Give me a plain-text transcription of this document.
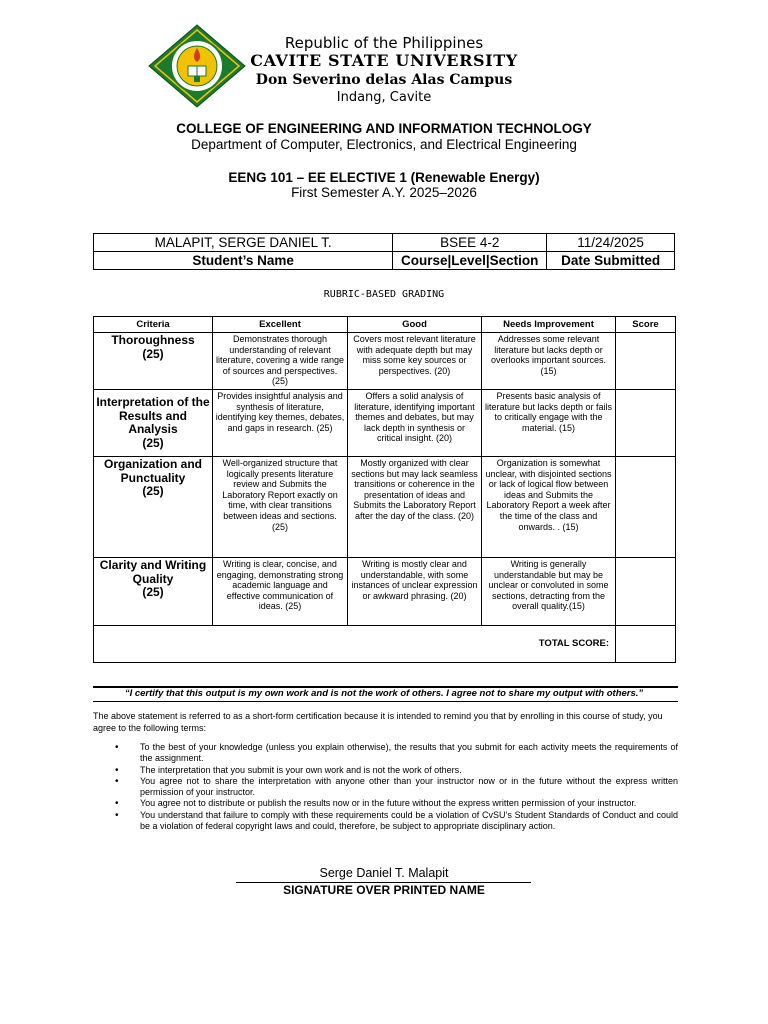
Republic of the Philippines
CAVITE STATE UNIVERSITY
Don Severino delas Alas Campus
Indang, Cavite
COLLEGE OF ENGINEERING AND INFORMATION TECHNOLOGY
Department of Computer, Electronics, and Electrical Engineering
EENG 101 – EE ELECTIVE 1 (Renewable Energy)
First Semester A.Y. 2025–2026
MALAPIT, SERGE DANIEL T.	BSEE 4-2	11/24/2025
Student’s Name	Course|Level|Section	Date Submitted
RUBRIC-BASED GRADING
Criteria	Excellent	Good	Needs Improvement	Score

Thoroughness
(25)	Demonstrates thorough understanding of relevant literature, covering a wide range of sources and perspectives. (25)	Covers most relevant literature with adequate depth but may miss some key sources or perspectives. (20)	Addresses some relevant literature but lacks depth or overlooks important sources. (15)	

Interpretation of the Results and Analysis
(25)	Provides insightful analysis and synthesis of literature, identifying key themes, debates, and gaps in research. (25)	Offers a solid analysis of literature, identifying important themes and debates, but may lack depth in synthesis or critical insight. (20)	Presents basic analysis of literature but lacks depth or fails to critically engage with the material. (15)	

Organization and Punctuality
(25)	Well-organized structure that logically presents literature review and Submits the Laboratory Report exactly on time, with clear transitions between ideas and sections. (25)	Mostly organized with clear sections but may lack seamless transitions or coherence in the presentation of ideas and Submits the Laboratory Report after the day of the class. (20)	Organization is somewhat unclear, with disjointed sections or lack of logical flow between ideas and Submits the Laboratory Report a week after the time of the class and onwards. . (15)	

Clarity and Writing Quality
(25)	Writing is clear, concise, and engaging, demonstrating strong academic language and effective communication of ideas. (25)	Writing is mostly clear and understandable, with some instances of unclear expression or awkward phrasing. (20)	Writing is generally understandable but may be unclear or convoluted in some sections, detracting from the overall quality.(15)	
TOTAL SCORE:				
“I certify that this output is my own work and is not the work of others. I agree not to share my output with others.”
The above statement is referred to as a short-form certification because it is intended to remind you that by enrolling in this course of study, you agree to the following terms:
• To the best of your knowledge (unless you explain otherwise), the results that you submit for each activity meets the requirements of the assignment.
• The interpretation that you submit is your own work and is not the work of others.
• You agree not to share the interpretation with anyone other than your instructor now or in the future without the express written permission of your instructor.
• You agree not to distribute or publish the results now or in the future without the express written permission of your instructor.
• You understand that failure to comply with these requirements could be a violation of CvSU’s Student Standards of Conduct and could be a violation of federal copyright laws and could, therefore, be subject to appropriate disciplinary action.
Serge Daniel T. Malapit
SIGNATURE OVER PRINTED NAME
